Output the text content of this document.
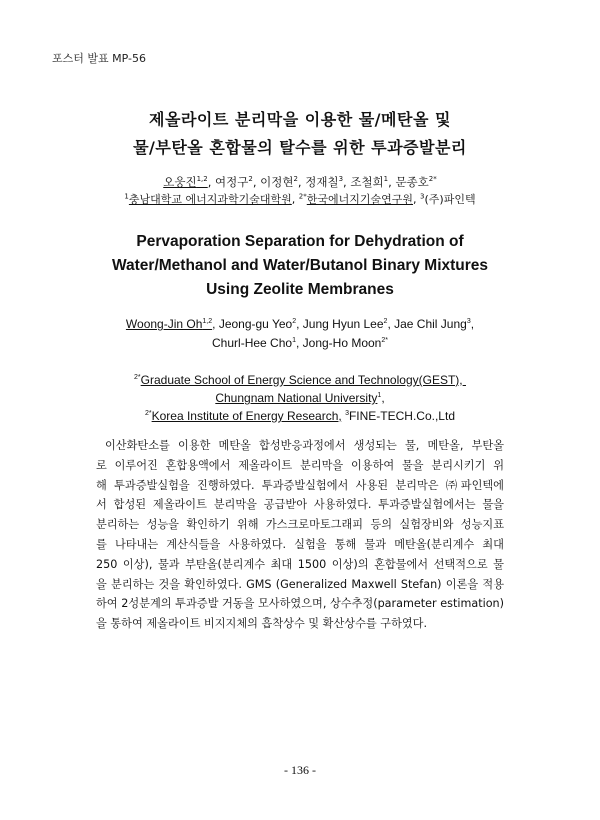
포스터 발표 MP-56
제올라이트 분리막을 이용한 물/메탄올 및
물/부탄올 혼합물의 탈수를 위한 투과증발분리
오웅진$^{1,2}$, 여정구$^2$, 이정현$^2$, 정재칠$^3$, 조철희$^1$, 문종호$^{2*}$
$^1$충남대학교 에너지과학기술대학원, $^{2*}$한국에너지기술연구원, $^3$(주)파인텍
Pervaporation Separation for Dehydration of
Water/Methanol and Water/Butanol Binary Mixtures
Using Zeolite Membranes
Woong-Jin Oh$^{1,2}$, Jeong-gu Yeo$^2$, Jung Hyun Lee$^2$, Jae Chil Jung$^3$,
Churl-Hee Cho$^1$, Jong-Ho Moon$^{2*}$
$^{2*}$Graduate School of Energy Science and Technology(GEST),
Chungnam National University$^1$,
$^{2*}$Korea Institute of Energy Research, $^3$FINE-TECH.Co.,Ltd
이산화탄소를 이용한 메탄올 합성반응과정에서 생성되는 물, 메탄올, 부탄올
로 이루어진 혼합용액에서 제올라이트 분리막을 이용하여 물을 분리시키기 위
해 투과증발실험을 진행하였다. 투과증발실험에서 사용된 분리막은 ㈜파인텍에
서 합성된 제올라이트 분리막을 공급받아 사용하였다. 투과증발실험에서는 물을
분리하는 성능을 확인하기 위해 가스크로마토그래피 등의 실험장비와 성능지표
를 나타내는 계산식들을 사용하였다. 실험을 통해 물과 메탄올(분리계수 최대
250 이상), 물과 부탄올(분리계수 최대 1500 이상)의 혼합물에서 선택적으로 물
을 분리하는 것을 확인하였다. GMS (Generalized Maxwell Stefan) 이론을 적용
하여 2성분계의 투과증발 거동을 모사하였으며, 상수추정(parameter estimation)
을 통하여 제올라이트 비지지체의 흡착상수 및 확산상수를 구하였다.
- 136 -
